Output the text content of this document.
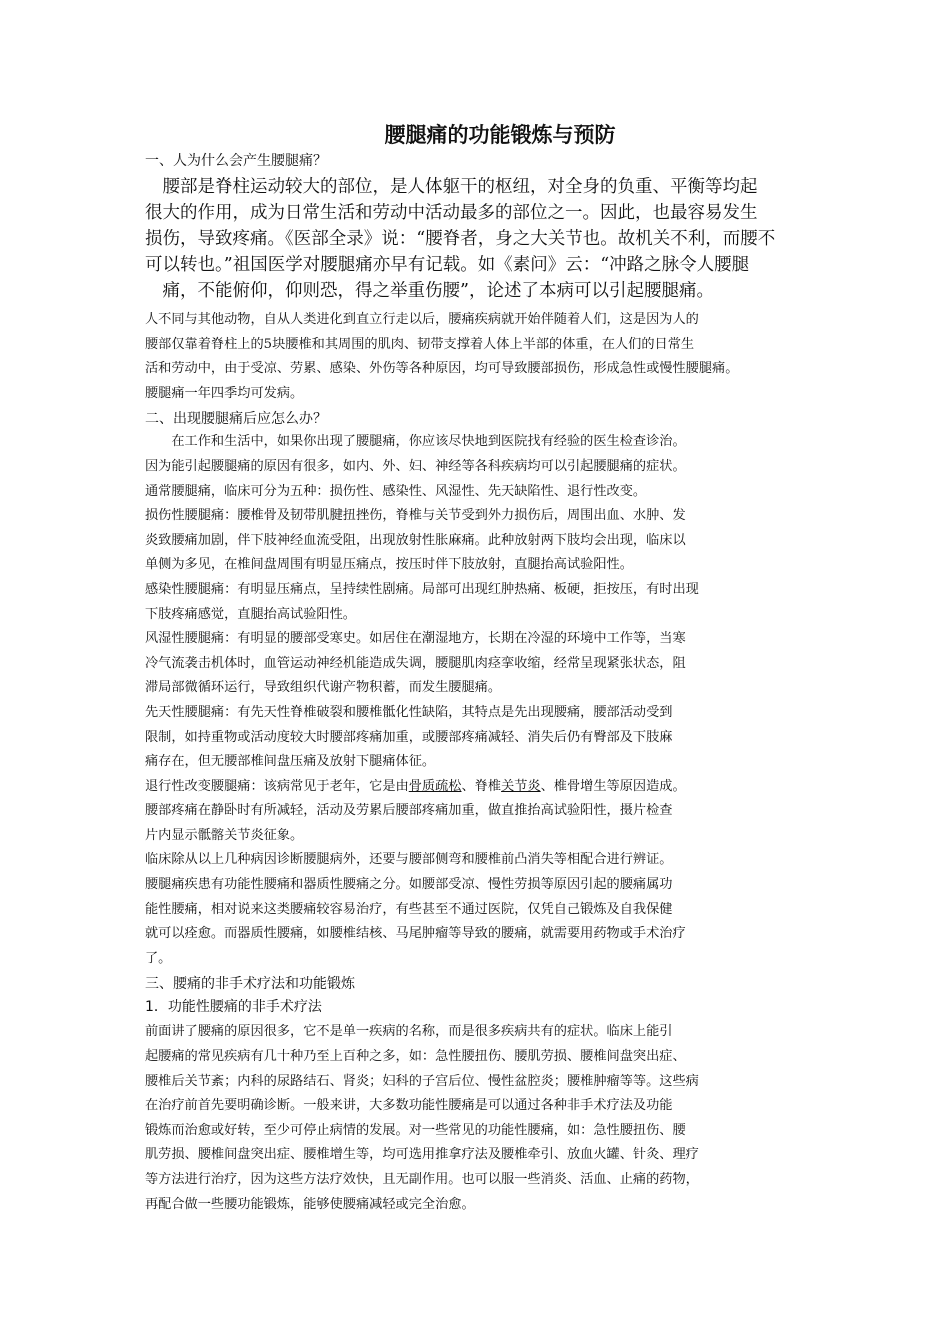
腰腿痛的功能锻炼与预防

一、人为什么会产生腰腿痛？

腰部是脊柱运动较大的部位，是人体躯干的枢纽，对全身的负重、平衡等均起
很大的作用，成为日常生活和劳动中活动最多的部位之一。因此，也最容易发生
损伤，导致疼痛。《医部全录》说：“腰脊者，身之大关节也。故机关不利，而腰不
可以转也。”祖国医学对腰腿痛亦早有记载。如《素问》云：“冲路之脉令人腰腿
痛，不能俯仰，仰则恐，得之举重伤腰”，论述了本病可以引起腰腿痛。
人不同与其他动物，自从人类进化到直立行走以后，腰痛疾病就开始伴随着人们，这是因为人的
腰部仅靠着脊柱上的5块腰椎和其周围的肌肉、韧带支撑着人体上半部的体重，在人们的日常生
活和劳动中，由于受凉、劳累、感染、外伤等各种原因，均可导致腰部损伤，形成急性或慢性腰腿痛。
腰腿痛一年四季均可发病。

二、出现腰腿痛后应怎么办？

　　在工作和生活中，如果你出现了腰腿痛，你应该尽快地到医院找有经验的医生检查诊治。
因为能引起腰腿痛的原因有很多，如内、外、妇、神经等各科疾病均可以引起腰腿痛的症状。
通常腰腿痛，临床可分为五种：损伤性、感染性、风湿性、先天缺陷性、退行性改变。
损伤性腰腿痛：腰椎骨及韧带肌腱扭挫伤，脊椎与关节受到外力损伤后，周围出血、水肿、发
炎致腰痛加剧，伴下肢神经血流受阻，出现放射性胀麻痛。此种放射两下肢均会出现，临床以
单侧为多见，在椎间盘周围有明显压痛点，按压时伴下肢放射，直腿抬高试验阳性。
感染性腰腿痛：有明显压痛点，呈持续性剧痛。局部可出现红肿热痛、板硬，拒按压，有时出现
下肢疼痛感觉，直腿抬高试验阳性。
风湿性腰腿痛：有明显的腰部受寒史。如居住在潮湿地方，长期在冷湿的环境中工作等，当寒
冷气流袭击机体时，血管运动神经机能造成失调，腰腿肌肉痉挛收缩，经常呈现紧张状态，阻
滞局部微循环运行，导致组织代谢产物积蓄，而发生腰腿痛。
先天性腰腿痛：有先天性脊椎破裂和腰椎骶化性缺陷，其特点是先出现腰痛，腰部活动受到
限制，如持重物或活动度较大时腰部疼痛加重，或腰部疼痛减轻、消失后仍有臀部及下肢麻
痛存在，但无腰部椎间盘压痛及放射下腿痛体征。
退行性改变腰腿痛：该病常见于老年，它是由骨质疏松、脊椎关节炎、椎骨增生等原因造成。
腰部疼痛在静卧时有所减轻，活动及劳累后腰部疼痛加重，做直推抬高试验阳性，摄片检查
片内显示骶髂关节炎征象。
临床除从以上几种病因诊断腰腿病外，还要与腰部侧弯和腰椎前凸消失等相配合进行辨证。
腰腿痛疾患有功能性腰痛和器质性腰痛之分。如腰部受凉、慢性劳损等原因引起的腰痛属功
能性腰痛，相对说来这类腰痛较容易治疗，有些甚至不通过医院，仅凭自己锻炼及自我保健
就可以痊愈。而器质性腰痛，如腰椎结核、马尾肿瘤等导致的腰痛，就需要用药物或手术治疗
了。

三、腰痛的非手术疗法和功能锻炼

1．功能性腰痛的非手术疗法

前面讲了腰痛的原因很多，它不是单一疾病的名称，而是很多疾病共有的症状。临床上能引
起腰痛的常见疾病有几十种乃至上百种之多，如：急性腰扭伤、腰肌劳损、腰椎间盘突出症、
腰椎后关节紊；内科的尿路结石、肾炎；妇科的子宫后位、慢性盆腔炎；腰椎肿瘤等等。这些病
在治疗前首先要明确诊断。一般来讲，大多数功能性腰痛是可以通过各种非手术疗法及功能
锻炼而治愈或好转，至少可停止病情的发展。对一些常见的功能性腰痛，如：急性腰扭伤、腰
肌劳损、腰椎间盘突出症、腰椎增生等，均可选用推拿疗法及腰椎牵引、放血火罐、针灸、理疗
等方法进行治疗，因为这些方法疗效快，且无副作用。也可以服一些消炎、活血、止痛的药物，
再配合做一些腰功能锻炼，能够使腰痛减轻或完全治愈。
